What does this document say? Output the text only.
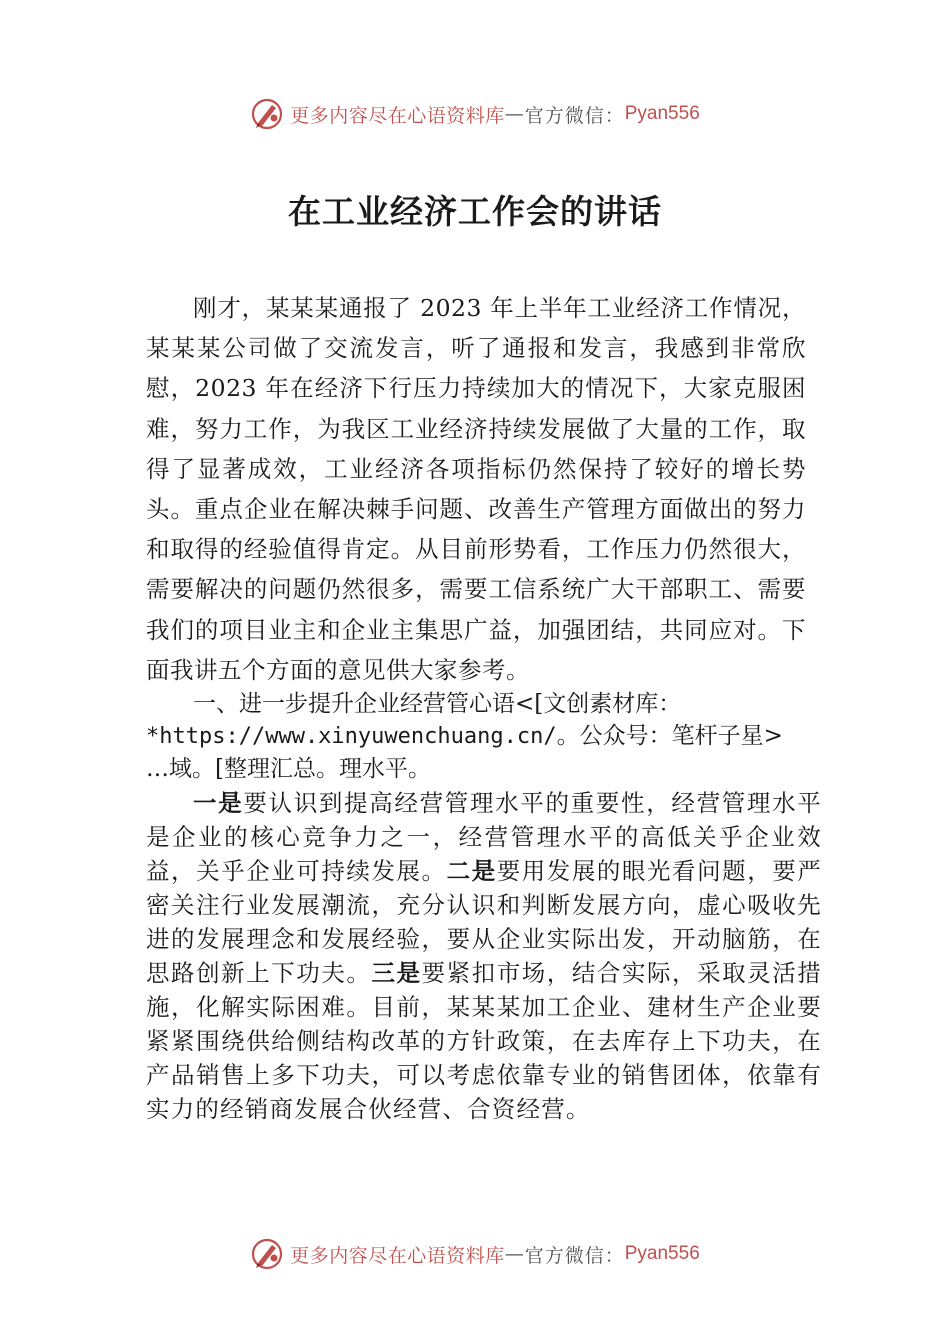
更多内容尽在心语资料库 — 官方微信： Pyan556
在工业经济工作会的讲话

刚才，某某某通报了 2023 年上半年工业经济工作情况，某某某公司做了交流发言，听了通报和发言，我感到非常欣慰，2023 年在经济下行压力持续加大的情况下，大家克服困难，努力工作，为我区工业经济持续发展做了大量的工作，取得了显著成效，工业经济各项指标仍然保持了较好的增长势头。重点企业在解决棘手问题、改善生产管理方面做出的努力和取得的经验值得肯定。从目前形势看，工作压力仍然很大，需要解决的问题仍然很多，需要工信系统广大干部职工、需要我们的项目业主和企业主集思广益，加强团结，共同应对。下面我讲五个方面的意见供大家参考。

一、进一步提升企业经营管心语<[文创素材库：
*https://www.xinyuwenchuang.cn/。公众号：笔杆子星>
…域。[整理汇总。理水平。

一是要认识到提高经营管理水平的重要性，经营管理水平是企业的核心竞争力之一，经营管理水平的高低关乎企业效益，关乎企业可持续发展。二是要用发展的眼光看问题，要严密关注行业发展潮流，充分认识和判断发展方向，虚心吸收先进的发展理念和发展经验，要从企业实际出发，开动脑筋，在思路创新上下功夫。三是要紧扣市场，结合实际，采取灵活措施，化解实际困难。目前，某某某加工企业、建材生产企业要紧紧围绕供给侧结构改革的方针政策，在去库存上下功夫，在产品销售上多下功夫，可以考虑依靠专业的销售团体，依靠有实力的经销商发展合伙经营、合资经营。

更多内容尽在心语资料库 — 官方微信： Pyan556
